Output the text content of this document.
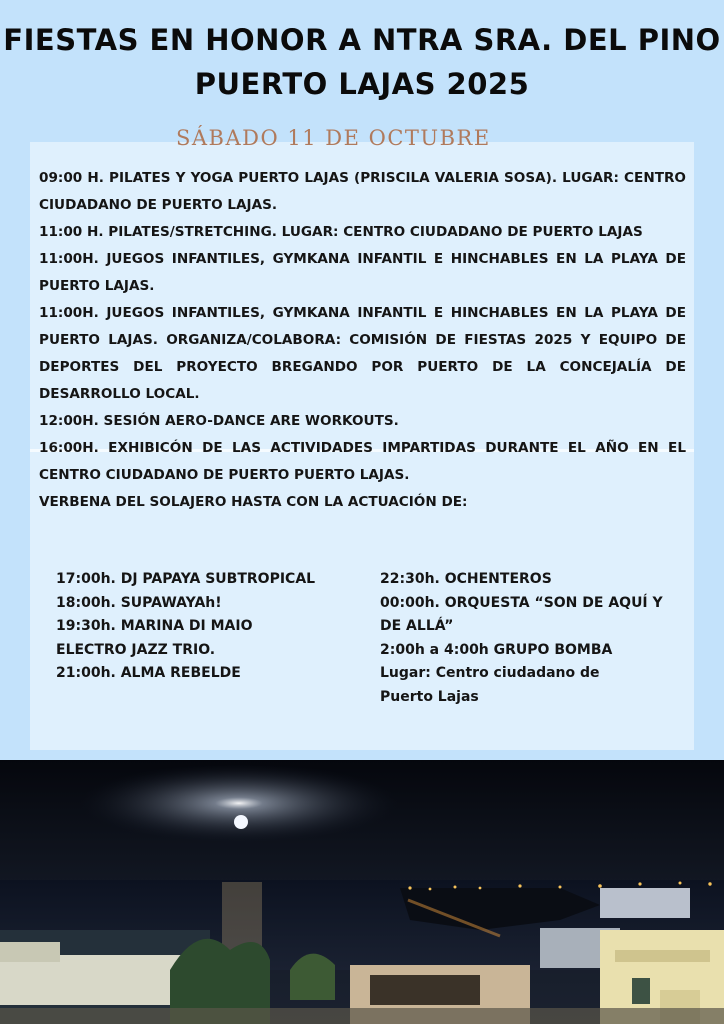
FIESTAS EN HONOR A NTRA SRA. DEL PINO
PUERTO LAJAS 2025
SÁBADO 11 DE OCTUBRE

09:00 H. PILATES Y YOGA PUERTO LAJAS (PRISCILA VALERIA SOSA). LUGAR: CENTRO CIUDADANO DE PUERTO LAJAS.

11:00 H. PILATES/STRETCHING. LUGAR: CENTRO CIUDADANO DE PUERTO LAJAS

11:00H. JUEGOS INFANTILES, GYMKANA INFANTIL E HINCHABLES EN LA PLAYA DE PUERTO LAJAS.

11:00H. JUEGOS INFANTILES, GYMKANA INFANTIL E HINCHABLES EN LA PLAYA DE PUERTO LAJAS. ORGANIZA/COLABORA: COMISIÓN DE FIESTAS 2025 Y EQUIPO DE DEPORTES DEL PROYECTO BREGANDO POR PUERTO DE LA CONCEJALÍA DE DESARROLLO LOCAL.

12:00H. SESIÓN AERO-DANCE ARE WORKOUTS.

16:00H. EXHIBICÓN DE LAS ACTIVIDADES IMPARTIDAS DURANTE EL AÑO EN EL CENTRO CIUDADANO DE PUERTO PUERTO LAJAS.

VERBENA DEL SOLAJERO HASTA CON LA ACTUACIÓN DE:

17:00h. DJ PAPAYA SUBTROPICAL
18:00h. SUPAWAYAh!
19:30h. MARINA DI MAIO
ELECTRO JAZZ TRIO.
21:00h. ALMA REBELDE
22:30h. OCHENTEROS
00:00h. ORQUESTA “SON DE AQUÍ Y
DE ALLÁ”
2:00h a 4:00h GRUPO BOMBA
Lugar: Centro ciudadano de
Puerto Lajas
